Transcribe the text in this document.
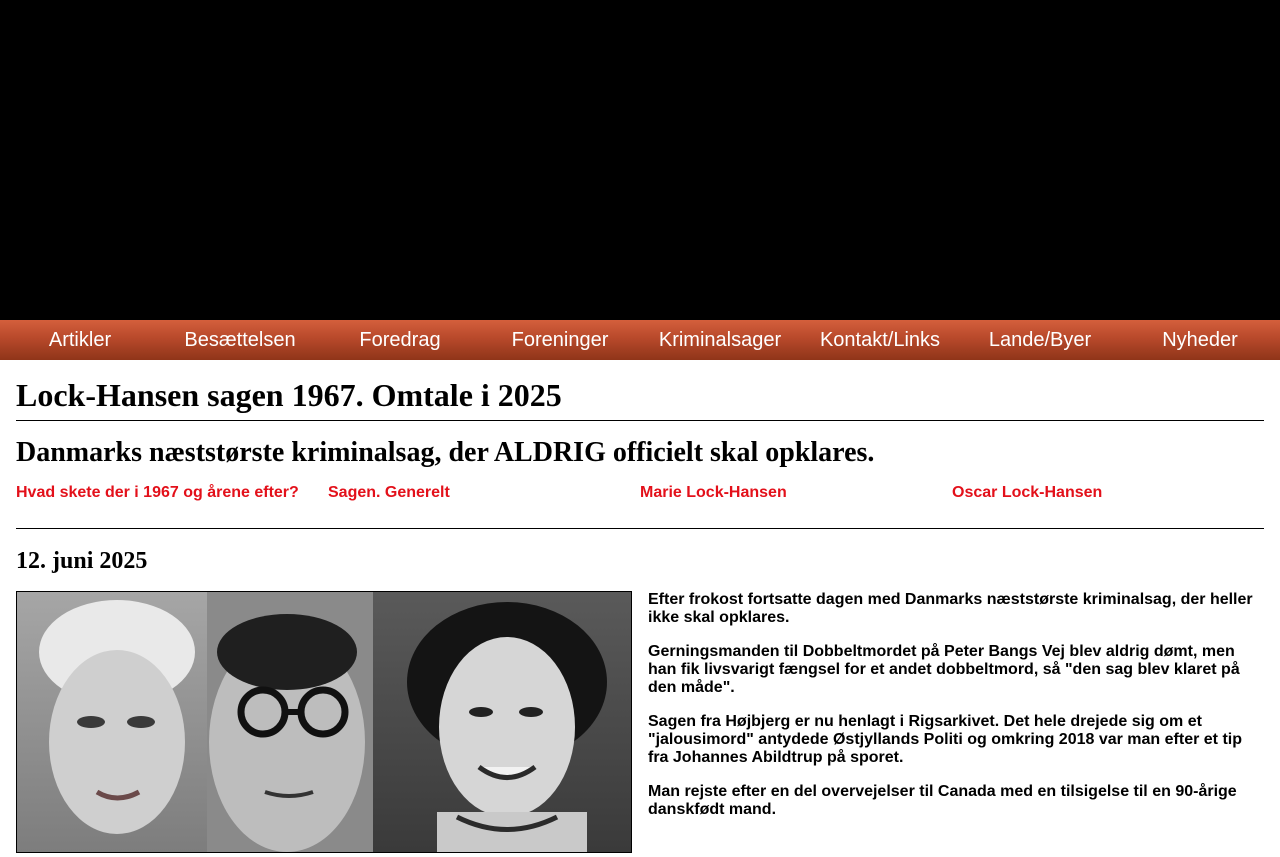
Artikler	Besættelsen	Foredrag	Foreninger	Kriminalsager	Kontakt/Links	Lande/Byer	Nyheder
Lock-Hansen sagen 1967. Omtale i 2025
Danmarks næststørste kriminalsag, der ALDRIG officielt skal opklares.
Hvad skete der i 1967 og årene efter?	Sagen. Generelt	Marie Lock-Hansen	Oscar Lock-Hansen
12. juni 2025

Efter frokost fortsatte dagen med Danmarks næststørste kriminalsag, der heller ikke skal opklares.

Gerningsmanden til Dobbeltmordet på Peter Bangs Vej blev aldrig dømt, men han fik livsvarigt fængsel for et andet dobbeltmord, så "den sag blev klaret på den måde".

Sagen fra Højbjerg er nu henlagt i Rigsarkivet. Det hele drejede sig om et "jalousimord" antydede Østjyllands Politi og omkring 2018 var man efter et tip fra Johannes Abildtrup på sporet.

Man rejste efter en del overvejelser til Canada med en tilsigelse til en 90-årige danskfødt mand.
